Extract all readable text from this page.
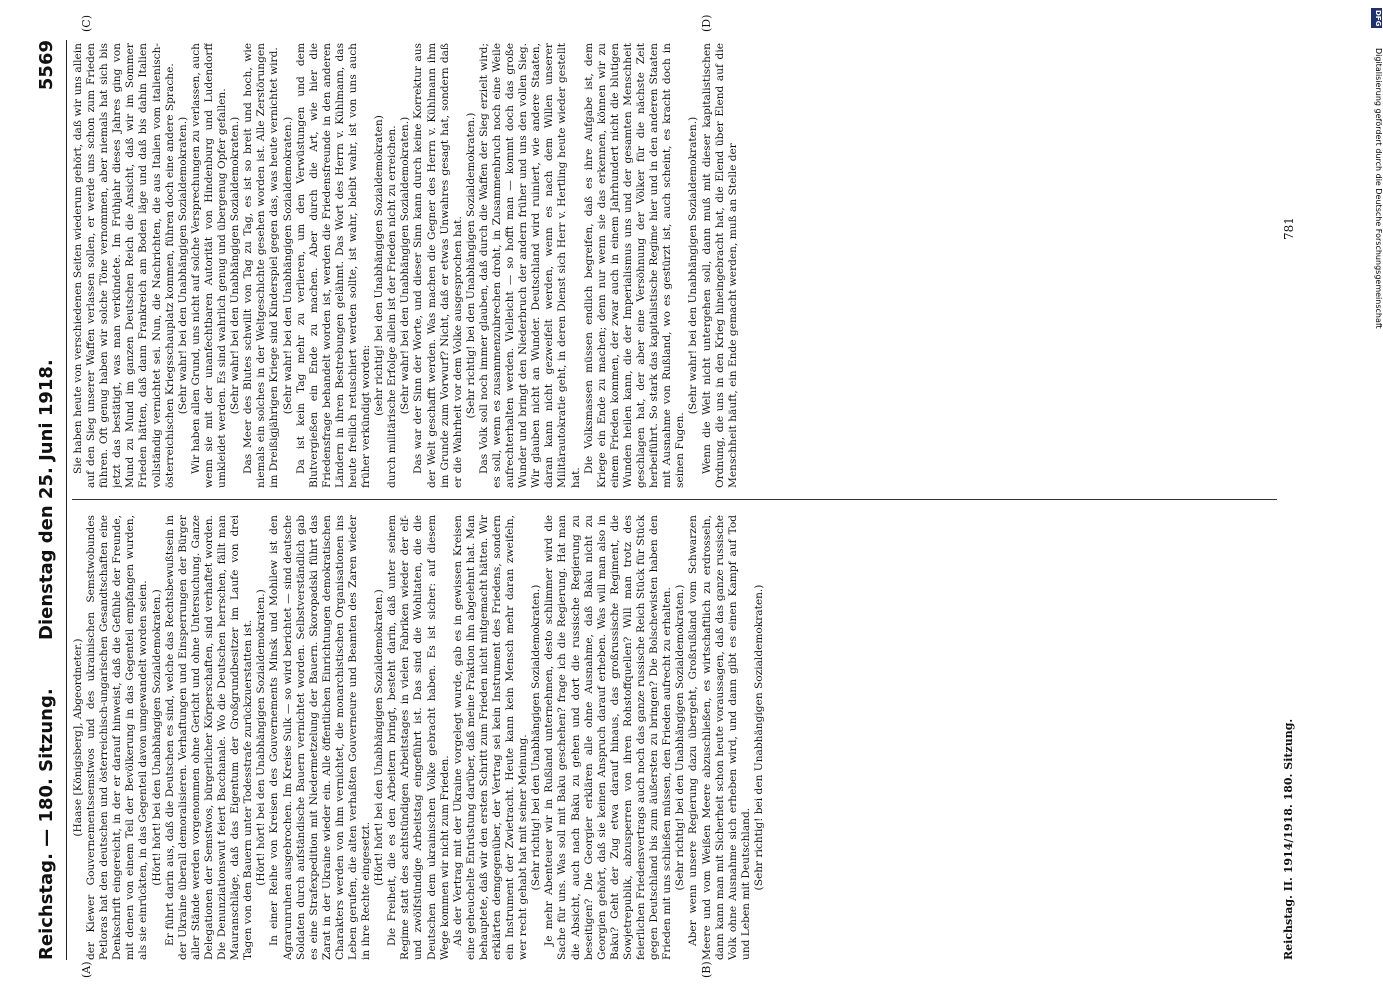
Reichstag. — 180. Sitzung.
Dienstag den 25. Juni 1918.
5569
(A)	(B)
(C)	(D)

(Haase [Königsberg], Abgeordneter.) der Kiewer Gouvernementssemstwos und des ukrainischen Semstwobundes Petloras hat den deutschen und österreichisch-ungarischen Gesandtschaften eine Denkschrift eingereicht, in der er darauf hinweist, daß die Gefühle der Freunde, mit denen von einem Teil der Bevölkerung in das Gegenteil empfangen wurden, als sie einrückten, in das Gegenteil davon umgewandelt worden seien. (Hört! hört! bei den Unabhängigen Sozialdemokraten.) Er führt darin aus, daß die Deutschen es sind, welche das Rechtsbewußtsein in der Ukraine überall demoralisieren. Verhaftungen und Einsperrungen der Bürger aller Stände werden vorgenommen ohne Gericht und ohne Untersuchung. Ganze Delegationen der Semstwos, bürgerlicher Körperschaften, sind verhaftet worden. Die Denunziationswut feiert Bacchanale. Wo die Deutschen herrschen, fällt man Mauranschläge, daß das Eigentum der Großgrundbesitzer im Laufe von drei Tagen von den Bauern unter Todesstrafe zurückzuerstatten ist. (Hört! hört! bei den Unabhängigen Sozialdemokraten.) In einer Reihe von Kreisen des Gouvernements Minsk und Mohilew ist den Agrarunruhen ausgebrochen. Im Kreise Sulk — so wird berichtet — sind deutsche Soldaten durch aufständische Bauern vernichtet worden. Selbstverständlich gab es eine Strafexpedition mit Niedermetzelung der Bauern. Skoropadski führt das Zarat in der Ukraine wieder ein. Alle öffentlichen Einrichtungen demokratischen Charakters werden von ihm vernichtet, die monarchistischen Organisationen ins Leben gerufen, die alten verhaßten Gouverneure und Beamten des Zaren wieder in ihre Rechte eingesetzt.

(Hört! hört! bei den Unabhängigen Sozialdemokraten.) Die Freiheit, die es den Arbeitern bringt, besteht darin, daß unter seinem Regime statt des achtstündigen Arbeitstages in vielen Fabriken wieder der elf- und zwölfstündige Arbeitstag eingeführt ist. Das sind die Wohltaten, die die Deutschen dem ukrainischen Volke gebracht haben. Es ist sicher: auf diesem Wege kommen wir nicht zum Frieden. Als der Vertrag mit der Ukraine vorgelegt wurde, gab es in gewissen Kreisen eine geheuchelte Entrüstung darüber, daß meine Fraktion ihn abgelehnt hat. Man behauptete, daß wir den ersten Schritt zum Frieden nicht mitgemacht hätten. Wir erklärten demgegenüber, der Vertrag sei kein Instrument des Friedens, sondern ein Instrument der Zwietracht. Heute kann kein Mensch mehr daran zweifeln, wer recht gehabt hat mit seiner Meinung. (Sehr richtig! bei den Unabhängigen Sozialdemokraten.) Je mehr Abenteuer wir in Rußland unternehmen, desto schlimmer wird die Sache für uns. Was soll mit Baku geschehen? frage ich die Regierung. Hat man die Absicht, auch nach Baku zu gehen und dort die russische Regierung zu beseitigen? Die Georgier erklären alle ohne Ausnahme, daß Baku nicht zu Georgien gehört, daß sie keinen Anspruch darauf erheben. Was will man also in Baku? Geht der Zug etwa darauf hinaus, das großrussische Regiment, die Sowjetrepublik, abzusperren von ihren Rohstoffquellen? Will man trotz des feierlichen Friedensvertrags auch noch das ganze russische Reich Stück für Stück gegen Deutschland bis zum äußersten zu bringen? Die Bolschewisten haben den Frieden mit uns schließen müssen, den Frieden aufrecht zu erhalten. (Sehr richtig! bei den Unabhängigen Sozialdemokraten.) Aber wenn unsere Regierung dazu übergeht, Großrußland vom Schwarzen Meere und vom Weißen Meere abzuschließen, es wirtschaftlich zu erdrosseln, dann kann man mit Sicherheit schon heute voraussagen, daß das ganze russische Volk ohne Ausnahme sich erheben wird, und dann gibt es einen Kampf auf Tod und Leben mit Deutschland. (Sehr richtig! bei den Unabhängigen Sozialdemokraten.)

Sie haben heute von verschiedenen Seiten wiederum gehört, daß wir uns allein auf den Sieg unserer Waffen verlassen sollen, er werde uns schon zum Frieden führen. Oft genug haben wir solche Töne vernommen, aber niemals hat sich bis jetzt das bestätigt, was man verkündete. Im Frühjahr dieses Jahres ging von Mund zu Mund im ganzen Deutschen Reich die Ansicht, daß wir im Sommer Frieden hätten, daß dann Frankreich am Boden läge und daß bis dahin Italien vollständig vernichtet sei. Nun, die Nachrichten, die aus Italien vom italienisch-österreichischen Kriegsschauplatz kommen, führen doch eine andere Sprache. (Sehr wahr! bei den Unabhängigen Sozialdemokraten.) Wir haben allen Grund, uns nicht auf solche Versprechungen zu verlassen, auch wenn sie mit der unanfechtbaren Autorität von Hindenburg und Ludendorff umkleidet werden. Es sind wahrlich genug und übergenug Opfer gefallen. (Sehr wahr! bei den Unabhängigen Sozialdemokraten.) Das Meer des Blutes schwillt von Tag zu Tag, es ist so breit und hoch, wie niemals ein solches in der Weltgeschichte gesehen worden ist. Alle Zerstörungen im Dreißigjährigen Kriege sind Kinderspiel gegen das, was heute vernichtet wird. (Sehr wahr! bei den Unabhängigen Sozialdemokraten.) Da ist kein Tag mehr zu verlieren, um den Verwüstungen und dem Blutvergießen ein Ende zu machen. Aber durch die Art, wie hier die Friedensfrage behandelt worden ist, werden die Friedensfreunde in den anderen Ländern in ihren Bestrebungen gelähmt. Das Wort des Herrn v. Kühlmann, das heute freilich retuschiert werden sollte, ist wahr, bleibt wahr, ist von uns auch früher verkündigt worden:

(sehr richtig! bei den Unabhängigen Sozialdemokraten) durch militärische Erfolge allein ist der Frieden nicht zu erreichen. (Sehr wahr! bei den Unabhängigen Sozialdemokraten.) Das war der Sinn der Worte, und dieser Sinn kann durch keine Korrektur aus der Welt geschafft werden. Was machen die Gegner des Herrn v. Kühlmann ihm im Grunde zum Vorwurf? Nicht, daß er etwas Unwahres gesagt hat, sondern daß er die Wahrheit vor dem Volke ausgesprochen hat. (Sehr richtig! bei den Unabhängigen Sozialdemokraten.) Das Volk soll noch immer glauben, daß durch die Waffen der Sieg erzielt wird; es soll, wenn es zusammenzubrechen droht, in Zusammenbruch noch eine Weile aufrechterhalten werden. Vielleicht — so hofft man — kommt doch das große Wunder und bringt den Niederbruch der andern früher und uns den vollen Sieg. Wir glauben nicht an Wunder. Deutschland wird ruiniert, wie andere Staaten, daran kann nicht gezweifelt werden, wenn es nach dem Willen unserer Militärautokratie geht, in deren Dienst sich Herr v. Hertling heute wieder gestellt hat.

Die Volksmassen müssen endlich begreifen, daß es ihre Aufgabe ist, dem Kriege ein Ende zu machen; denn nur wenn sie das erkennen, können wir zu einem Frieden kommen, der zwar auch in einem Jahrhundert nicht die blutigen Wunden heilen kann, die der Imperialismus uns und der gesamten Menschheit geschlagen hat, der aber eine Versöhnung der Völker für die nächste Zeit herbeiführt. So stark das kapitalistische Regime hier und in den anderen Staaten mit Ausnahme von Rußland, wo es gestürzt ist, auch scheint, es kracht doch in seinen Fugen.

(Sehr wahr! bei den Unabhängigen Sozialdemokraten.) Wenn die Welt nicht untergehen soll, dann muß mit dieser kapitalistischen Ordnung, die uns in den Krieg hineingebracht hat, die Elend über Elend auf die Menschheit häuft, ein Ende gemacht werden, muß an Stelle der

Reichstag. II. 1914/1918. 180. Sitzung.
781
DFG
Digitalisierung gefördert durch die Deutsche Forschungsgemeinschaft
